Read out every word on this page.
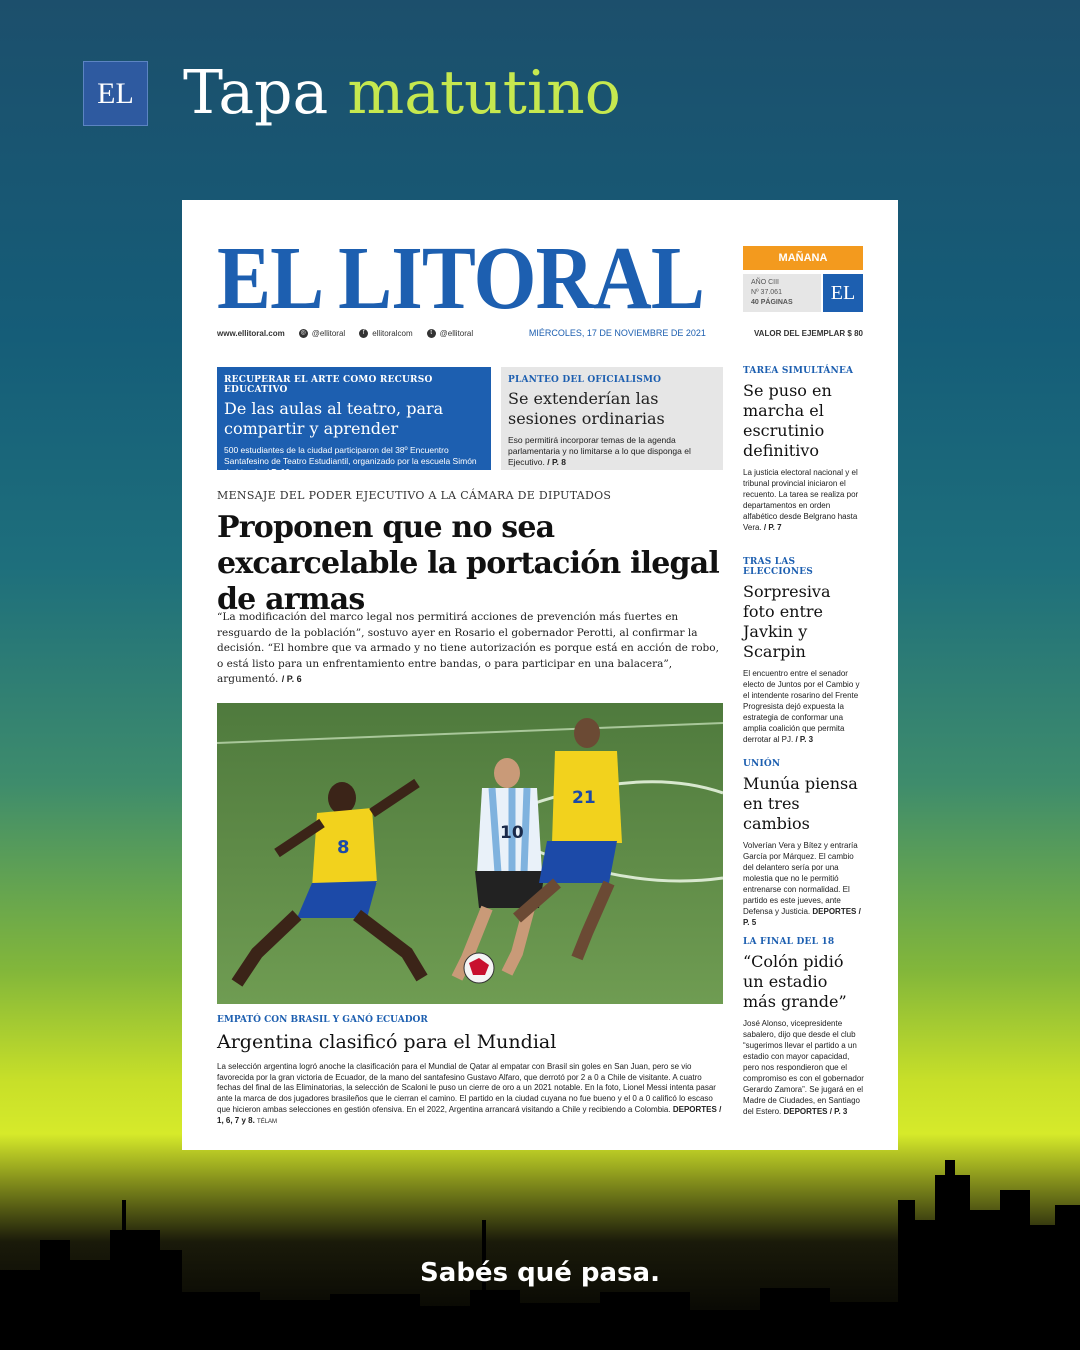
EL Tapa matutino
EL LITORAL	MAÑANA
AÑO CIII
Nº 37.061
40 PÁGINAS	EL
www.ellitoral.com	◎ @ellitoral	f ellitoralcom	t @ellitoral	MIÉRCOLES, 17 DE NOVIEMBRE DE 2021	VALOR DEL EJEMPLAR $ 80
RECUPERAR EL ARTE COMO RECURSO EDUCATIVO
De las aulas al teatro, para compartir y aprender
500 estudiantes de la ciudad participaron del 38º Encuentro Santafesino de Teatro Estudiantil, organizado por la escuela Simón de Iriondo. / P. 10
PLANTEO DEL OFICIALISMO
Se extenderían las sesiones ordinarias
Eso permitirá incorporar temas de la agenda parlamentaria y no limitarse a lo que disponga el Ejecutivo. / P. 8
MENSAJE DEL PODER EJECUTIVO A LA CÁMARA DE DIPUTADOS
Proponen que no sea excarcelable la portación ilegal de armas
“La modificación del marco legal nos permitirá acciones de prevención más fuertes en resguardo de la población”, sostuvo ayer en Rosario el gobernador Perotti, al confirmar la decisión. “El hombre que va armado y no tiene autorización es porque está en acción de robo, o está listo para un enfrentamiento entre bandas, o para participar en una balacera”, argumentó. / P. 6
8
10
21
EMPATÓ CON BRASIL Y GANÓ ECUADOR
Argentina clasificó para el Mundial
La selección argentina logró anoche la clasificación para el Mundial de Qatar al empatar con Brasil sin goles en San Juan, pero se vio favorecida por la gran victoria de Ecuador, de la mano del santafesino Gustavo Alfaro, que derrotó por 2 a 0 a Chile de visitante. A cuatro fechas del final de las Eliminatorias, la selección de Scaloni le puso un cierre de oro a un 2021 notable. En la foto, Lionel Messi intenta pasar ante la marca de dos jugadores brasileños que le cierran el camino. El partido en la ciudad cuyana no fue bueno y el 0 a 0 calificó lo escaso que hicieron ambas selecciones en gestión ofensiva. En el 2022, Argentina arrancará visitando a Chile y recibiendo a Colombia. DEPORTES / 1, 6, 7 y 8. TÉLAM
TAREA SIMULTÁNEA
Se puso en marcha el escrutinio definitivo
La justicia electoral nacional y el tribunal provincial iniciaron el recuento. La tarea se realiza por departamentos en orden alfabético desde Belgrano hasta Vera. / P. 7
TRAS LAS ELECCIONES
Sorpresiva foto entre Javkin y Scarpin
El encuentro entre el senador electo de Juntos por el Cambio y el intendente rosarino del Frente Progresista dejó expuesta la estrategia de conformar una amplia coalición que permita derrotar al PJ. / P. 3
UNIÓN
Munúa piensa en tres cambios
Volverían Vera y Bítez y entraría García por Márquez. El cambio del delantero sería por una molestia que no le permitió entrenarse con normalidad. El partido es este jueves, ante Defensa y Justicia. DEPORTES / P. 5
LA FINAL DEL 18
“Colón pidió un estadio más grande”
José Alonso, vicepresidente sabalero, dijo que desde el club “sugerimos llevar el partido a un estadio con mayor capacidad, pero nos respondieron que el compromiso es con el gobernador Gerardo Zamora”. Se jugará en el Madre de Ciudades, en Santiago del Estero. DEPORTES / P. 3
Sabés qué pasa.
